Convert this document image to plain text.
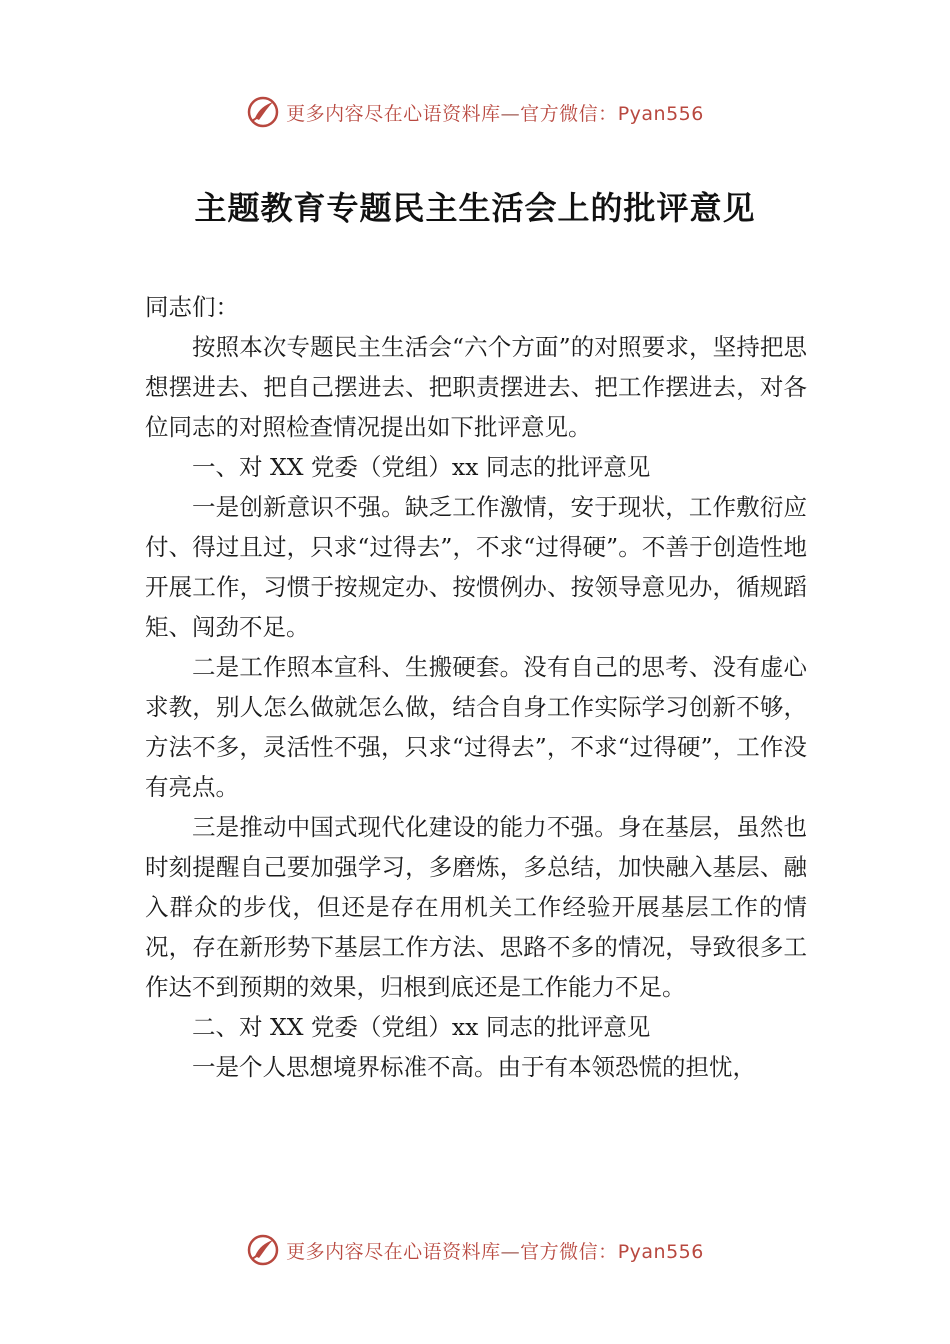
更多内容尽在心语资料库—官方微信：Pyan556
主题教育专题民主生活会上的批评意见

同志们：

按照本次专题民主生活会“六个方面”的对照要求，坚持把思想摆进去、把自己摆进去、把职责摆进去、把工作摆进去，对各位同志的对照检查情况提出如下批评意见。

一、对 XX 党委（党组）xx 同志的批评意见

一是创新意识不强。缺乏工作激情，安于现状，工作敷衍应付、得过且过，只求“过得去”，不求“过得硬”。不善于创造性地开展工作，习惯于按规定办、按惯例办、按领导意见办，循规蹈矩、闯劲不足。

二是工作照本宣科、生搬硬套。没有自己的思考、没有虚心求教，别人怎么做就怎么做，结合自身工作实际学习创新不够，方法不多，灵活性不强，只求“过得去”，不求“过得硬”，工作没有亮点。

三是推动中国式现代化建设的能力不强。身在基层，虽然也时刻提醒自己要加强学习，多磨炼，多总结，加快融入基层、融入群众的步伐，但还是存在用机关工作经验开展基层工作的情况，存在新形势下基层工作方法、思路不多的情况，导致很多工作达不到预期的效果，归根到底还是工作能力不足。

二、对 XX 党委（党组）xx 同志的批评意见

一是个人思想境界标准不高。由于有本领恐慌的担忧，

更多内容尽在心语资料库—官方微信：Pyan556
